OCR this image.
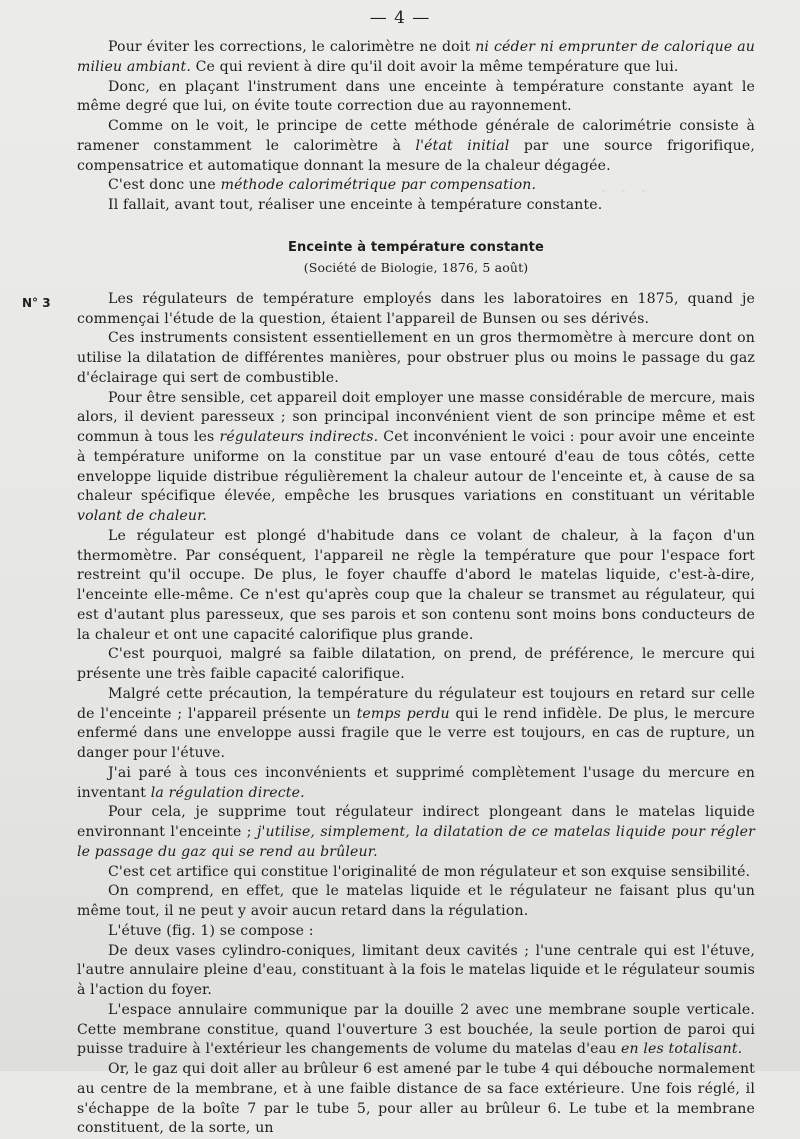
· · ·
— 4 —
N° 3

Pour éviter les corrections, le calorimètre ne doit ni céder ni emprunter de calorique au milieu ambiant. Ce qui revient à dire qu'il doit avoir la même température que lui.

Donc, en plaçant l'instrument dans une enceinte à température constante ayant le même degré que lui, on évite toute correction due au rayonnement.

Comme on le voit, le principe de cette méthode générale de calorimétrie consiste à ramener constamment le calorimètre à l'état initial par une source frigorifique, compensatrice et automatique donnant la mesure de la chaleur dégagée.

C'est donc une méthode calorimétrique par compensation.

Il fallait, avant tout, réaliser une enceinte à température constante.

Enceinte à température constante
(Société de Biologie, 1876, 5 août)

Les régulateurs de température employés dans les laboratoires en 1875, quand je commençai l'étude de la question, étaient l'appareil de Bunsen ou ses dérivés.

Ces instruments consistent essentiellement en un gros thermomètre à mercure dont on utilise la dilatation de différentes manières, pour obstruer plus ou moins le passage du gaz d'éclairage qui sert de combustible.

Pour être sensible, cet appareil doit employer une masse considérable de mercure, mais alors, il devient paresseux ; son principal inconvénient vient de son principe même et est commun à tous les régulateurs indirects. Cet inconvénient le voici : pour avoir une enceinte à température uniforme on la constitue par un vase entouré d'eau de tous côtés, cette enveloppe liquide distribue régulièrement la chaleur autour de l'enceinte et, à cause de sa chaleur spécifique élevée, empêche les brusques variations en constituant un véritable volant de chaleur.

Le régulateur est plongé d'habitude dans ce volant de chaleur, à la façon d'un thermomètre. Par conséquent, l'appareil ne règle la température que pour l'espace fort restreint qu'il occupe. De plus, le foyer chauffe d'abord le matelas liquide, c'est-à-dire, l'enceinte elle-même. Ce n'est qu'après coup que la chaleur se transmet au régulateur, qui est d'autant plus paresseux, que ses parois et son contenu sont moins bons conducteurs de la chaleur et ont une capacité calorifique plus grande.

C'est pourquoi, malgré sa faible dilatation, on prend, de préférence, le mercure qui présente une très faible capacité calorifique.

Malgré cette précaution, la température du régulateur est toujours en retard sur celle de l'enceinte ; l'appareil présente un temps perdu qui le rend infidèle. De plus, le mercure enfermé dans une enveloppe aussi fragile que le verre est toujours, en cas de rupture, un danger pour l'étuve.

J'ai paré à tous ces inconvénients et supprimé complètement l'usage du mercure en inventant la régulation directe.

Pour cela, je supprime tout régulateur indirect plongeant dans le matelas liquide environnant l'enceinte ; j'utilise, simplement, la dilatation de ce matelas liquide pour régler le passage du gaz qui se rend au brûleur.

C'est cet artifice qui constitue l'originalité de mon régulateur et son exquise sensibilité.

On comprend, en effet, que le matelas liquide et le régulateur ne faisant plus qu'un même tout, il ne peut y avoir aucun retard dans la régulation.

L'étuve (fig. 1) se compose :

De deux vases cylindro-coniques, limitant deux cavités ; l'une centrale qui est l'étuve, l'autre annulaire pleine d'eau, constituant à la fois le matelas liquide et le régulateur soumis à l'action du foyer.

L'espace annulaire communique par la douille 2 avec une membrane souple verticale. Cette membrane constitue, quand l'ouverture 3 est bouchée, la seule portion de paroi qui puisse traduire à l'extérieur les changements de volume du matelas d'eau en les totalisant.

Or, le gaz qui doit aller au brûleur 6 est amené par le tube 4 qui débouche normalement au centre de la membrane, et à une faible distance de sa face extérieure. Une fois réglé, il s'échappe de la boîte 7 par le tube 5, pour aller au brûleur 6. Le tube et la membrane constituent, de la sorte, un
